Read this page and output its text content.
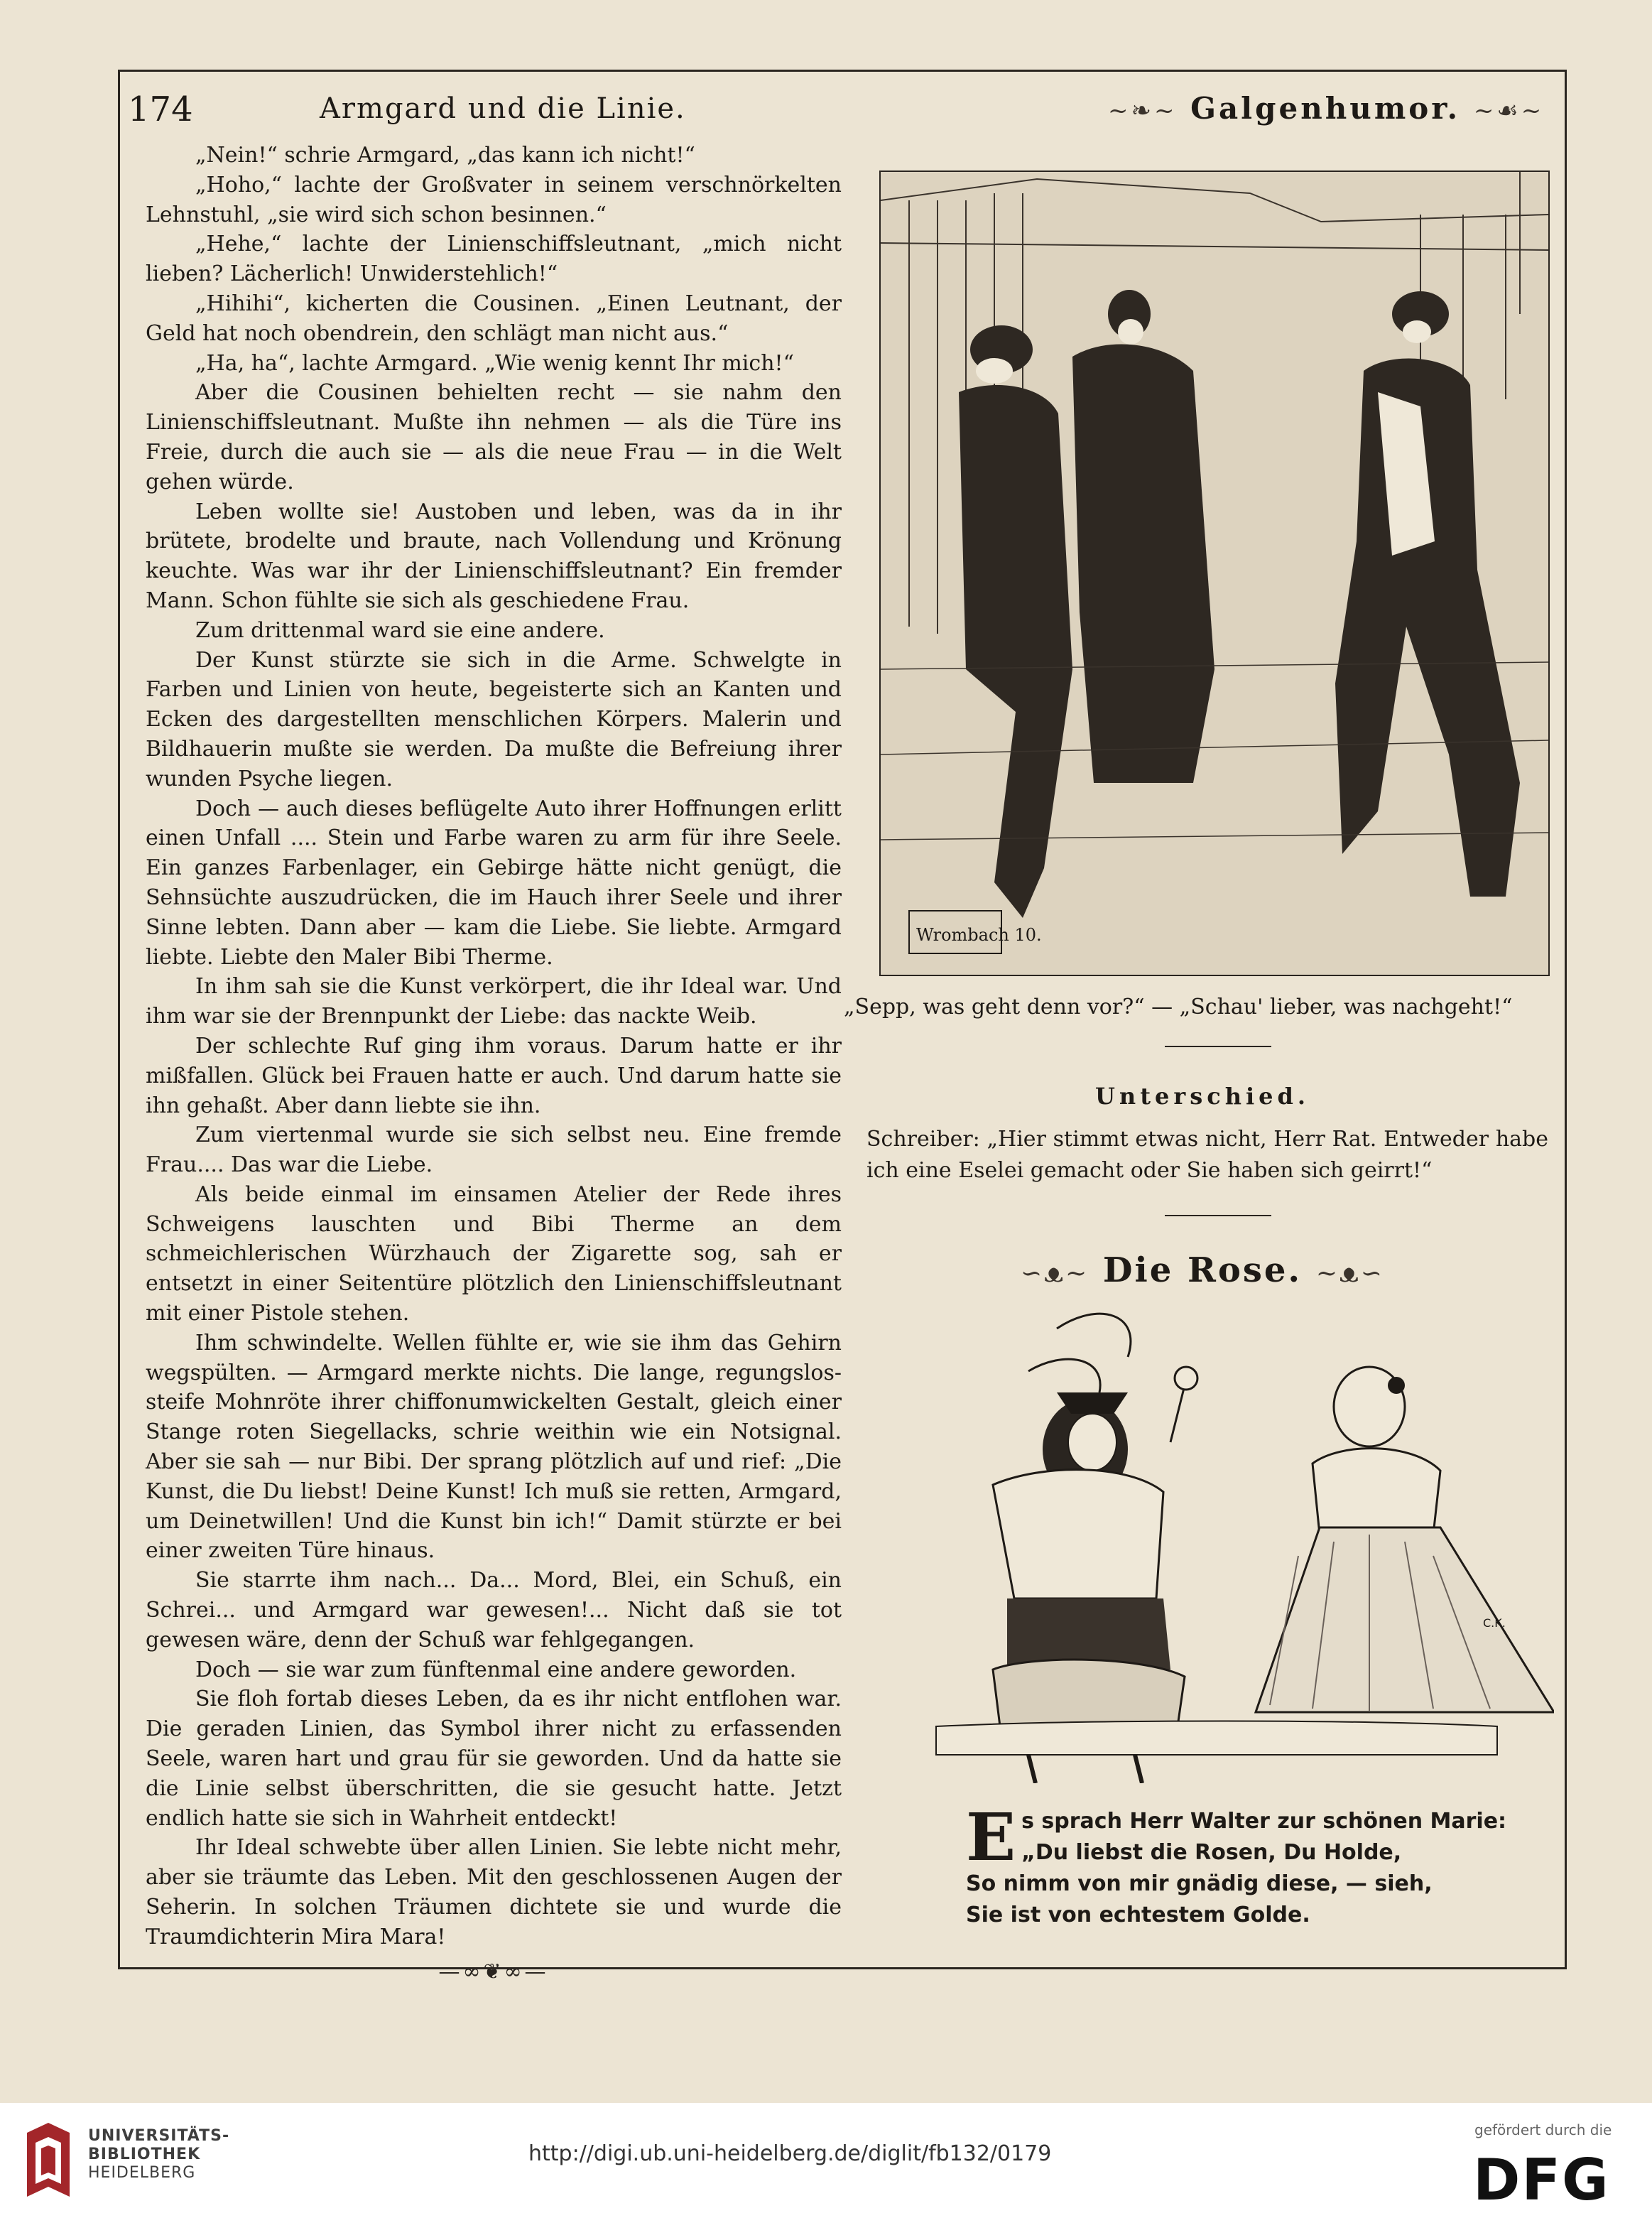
174	Armgard und die Linie.	~❧~ Galgenhumor. ~☙~

„Nein!“ schrie Armgard, „das kann ich nicht!“

„Hoho,“ lachte der Großvater in seinem verschnörkelten Lehnstuhl, „sie wird sich schon besinnen.“

„Hehe,“ lachte der Linienschiffsleutnant, „mich nicht lieben? Lächerlich! Unwiderstehlich!“

„Hihihi“, kicherten die Cousinen. „Einen Leutnant, der Geld hat noch obendrein, den schlägt man nicht aus.“

„Ha, ha“, lachte Armgard. „Wie wenig kennt Ihr mich!“

Aber die Cousinen behielten recht — sie nahm den Linienschiffsleutnant. Mußte ihn nehmen — als die Türe ins Freie, durch die auch sie — als die neue Frau — in die Welt gehen würde.

Leben wollte sie! Austoben und leben, was da in ihr brütete, brodelte und braute, nach Vollendung und Krönung keuchte. Was war ihr der Linienschiffsleutnant? Ein fremder Mann. Schon fühlte sie sich als geschiedene Frau.

Zum drittenmal ward sie eine andere.

Der Kunst stürzte sie sich in die Arme. Schwelgte in Farben und Linien von heute, begeisterte sich an Kanten und Ecken des dargestellten menschlichen Körpers. Malerin und Bildhauerin mußte sie werden. Da mußte die Befreiung ihrer wunden Psyche liegen.

Doch — auch dieses beflügelte Auto ihrer Hoffnungen erlitt einen Unfall .... Stein und Farbe waren zu arm für ihre Seele. Ein ganzes Farbenlager, ein Gebirge hätte nicht genügt, die Sehnsüchte auszudrücken, die im Hauch ihrer Seele und ihrer Sinne lebten. Dann aber — kam die Liebe. Sie liebte. Armgard liebte. Liebte den Maler Bibi Therme.

In ihm sah sie die Kunst verkörpert, die ihr Ideal war. Und ihm war sie der Brennpunkt der Liebe: das nackte Weib.

Der schlechte Ruf ging ihm voraus. Darum hatte er ihr mißfallen. Glück bei Frauen hatte er auch. Und darum hatte sie ihn gehaßt. Aber dann liebte sie ihn.

Zum viertenmal wurde sie sich selbst neu. Eine fremde Frau.... Das war die Liebe.

Als beide einmal im einsamen Atelier der Rede ihres Schweigens lauschten und Bibi Therme an dem schmeichlerischen Würzhauch der Zigarette sog, sah er entsetzt in einer Seitentüre plötzlich den Linienschiffsleutnant mit einer Pistole stehen.

Ihm schwindelte. Wellen fühlte er, wie sie ihm das Gehirn wegspülten. — Armgard merkte nichts. Die lange, regungslos-steife Mohnröte ihrer chiffonumwickelten Gestalt, gleich einer Stange roten Siegellacks, schrie weithin wie ein Notsignal. Aber sie sah — nur Bibi. Der sprang plötzlich auf und rief: „Die Kunst, die Du liebst! Deine Kunst! Ich muß sie retten, Armgard, um Deinetwillen! Und die Kunst bin ich!“ Damit stürzte er bei einer zweiten Türe hinaus.

Sie starrte ihm nach... Da... Mord, Blei, ein Schuß, ein Schrei... und Armgard war gewesen!... Nicht daß sie tot gewesen wäre, denn der Schuß war fehlgegangen.

Doch — sie war zum fünftenmal eine andere geworden.

Sie floh fortab dieses Leben, da es ihr nicht entflohen war. Die geraden Linien, das Symbol ihrer nicht zu erfassenden Seele, waren hart und grau für sie geworden. Und da hatte sie die Linie selbst überschritten, die sie gesucht hatte. Jetzt endlich hatte sie sich in Wahrheit entdeckt!

Ihr Ideal schwebte über allen Linien. Sie lebte nicht mehr, aber sie träumte das Leben. Mit den geschlossenen Augen der Seherin. In solchen Träumen dichtete sie und wurde die Traumdichterin Mira Mara!

—∞❦∞—
Wrombach 10.
„Sepp, was geht denn vor?“ — „Schau' lieber, was nachgeht!“
Unterschied.
Schreiber: „Hier stimmt etwas nicht, Herr Rat. Entweder habe ich eine Eselei gemacht oder Sie haben sich geirrt!“
∽ᴥ∼ Die Rose. ∼ᴥ∽
C.K.
E s sprach Herr Walter zur schönen Marie:
„Du liebst die Rosen, Du Holde,
So nimm von mir gnädig diese, — sieh,
Sie ist von echtestem Golde.
UNIVERSITÄTS-
BIBLIOTHEK
HEIDELBERG
http://digi.ub.uni-heidelberg.de/diglit/fb132/0179
gefördert durch die
DFG
